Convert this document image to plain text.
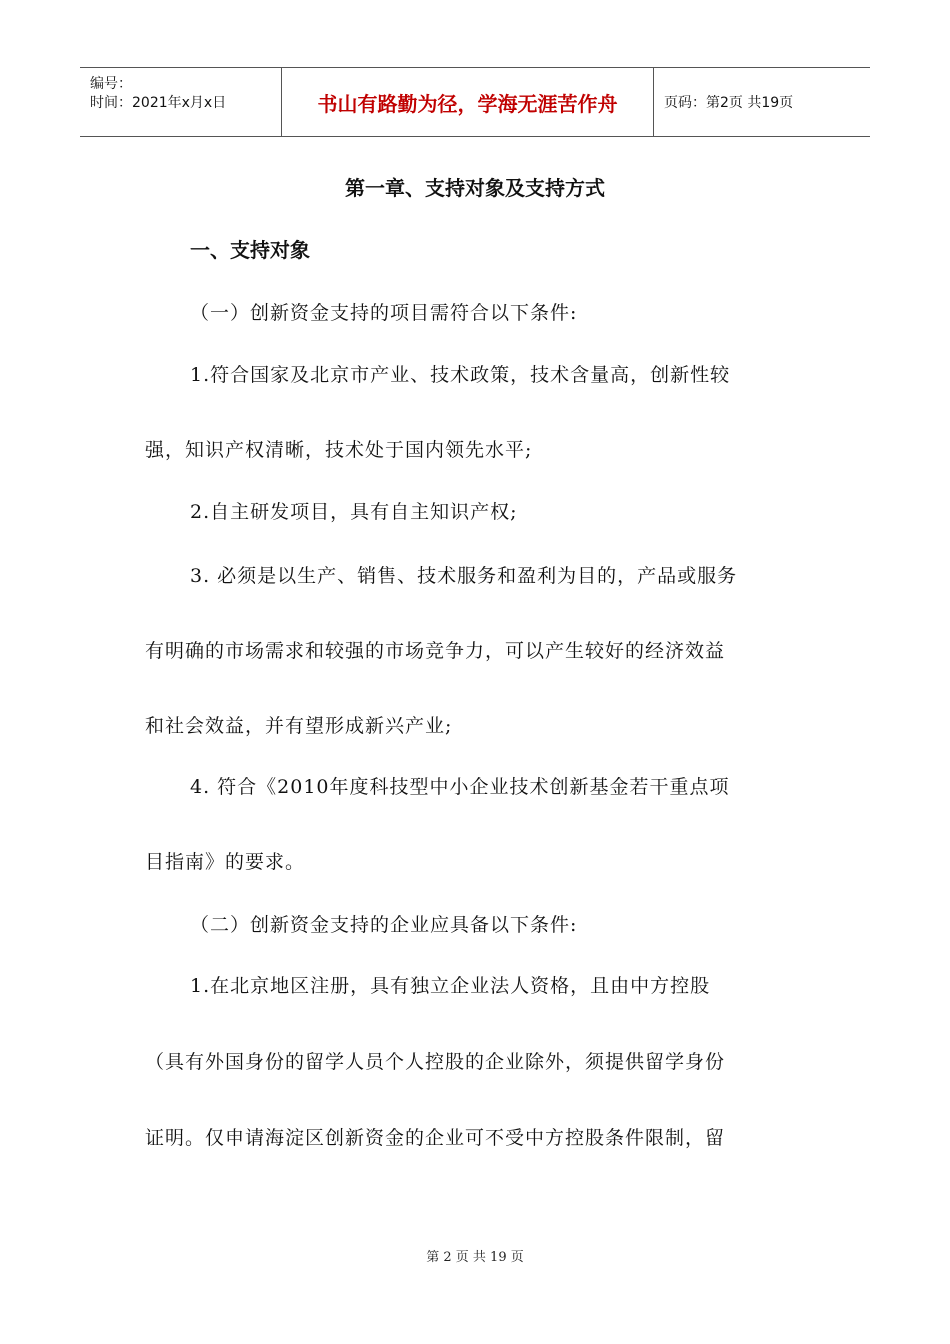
编号：
时间：2021年x月x日	书山有路勤为径，学海无涯苦作舟	页码：第2页 共19页
第一章、支持对象及支持方式
一、支持对象
（一）创新资金支持的项目需符合以下条件:
1.符合国家及北京市产业、技术政策，技术含量高，创新性较
强，知识产权清晰，技术处于国内领先水平;
2.自主研发项目，具有自主知识产权;
3. 必须是以生产、销售、技术服务和盈利为目的，产品或服务
有明确的市场需求和较强的市场竞争力，可以产生较好的经济效益
和社会效益，并有望形成新兴产业;
4. 符合《2010年度科技型中小企业技术创新基金若干重点项
目指南》的要求。
（二）创新资金支持的企业应具备以下条件:
1.在北京地区注册，具有独立企业法人资格，且由中方控股
（具有外国身份的留学人员个人控股的企业除外，须提供留学身份
证明。仅申请海淀区创新资金的企业可不受中方控股条件限制，留
第 2 页 共 19 页
